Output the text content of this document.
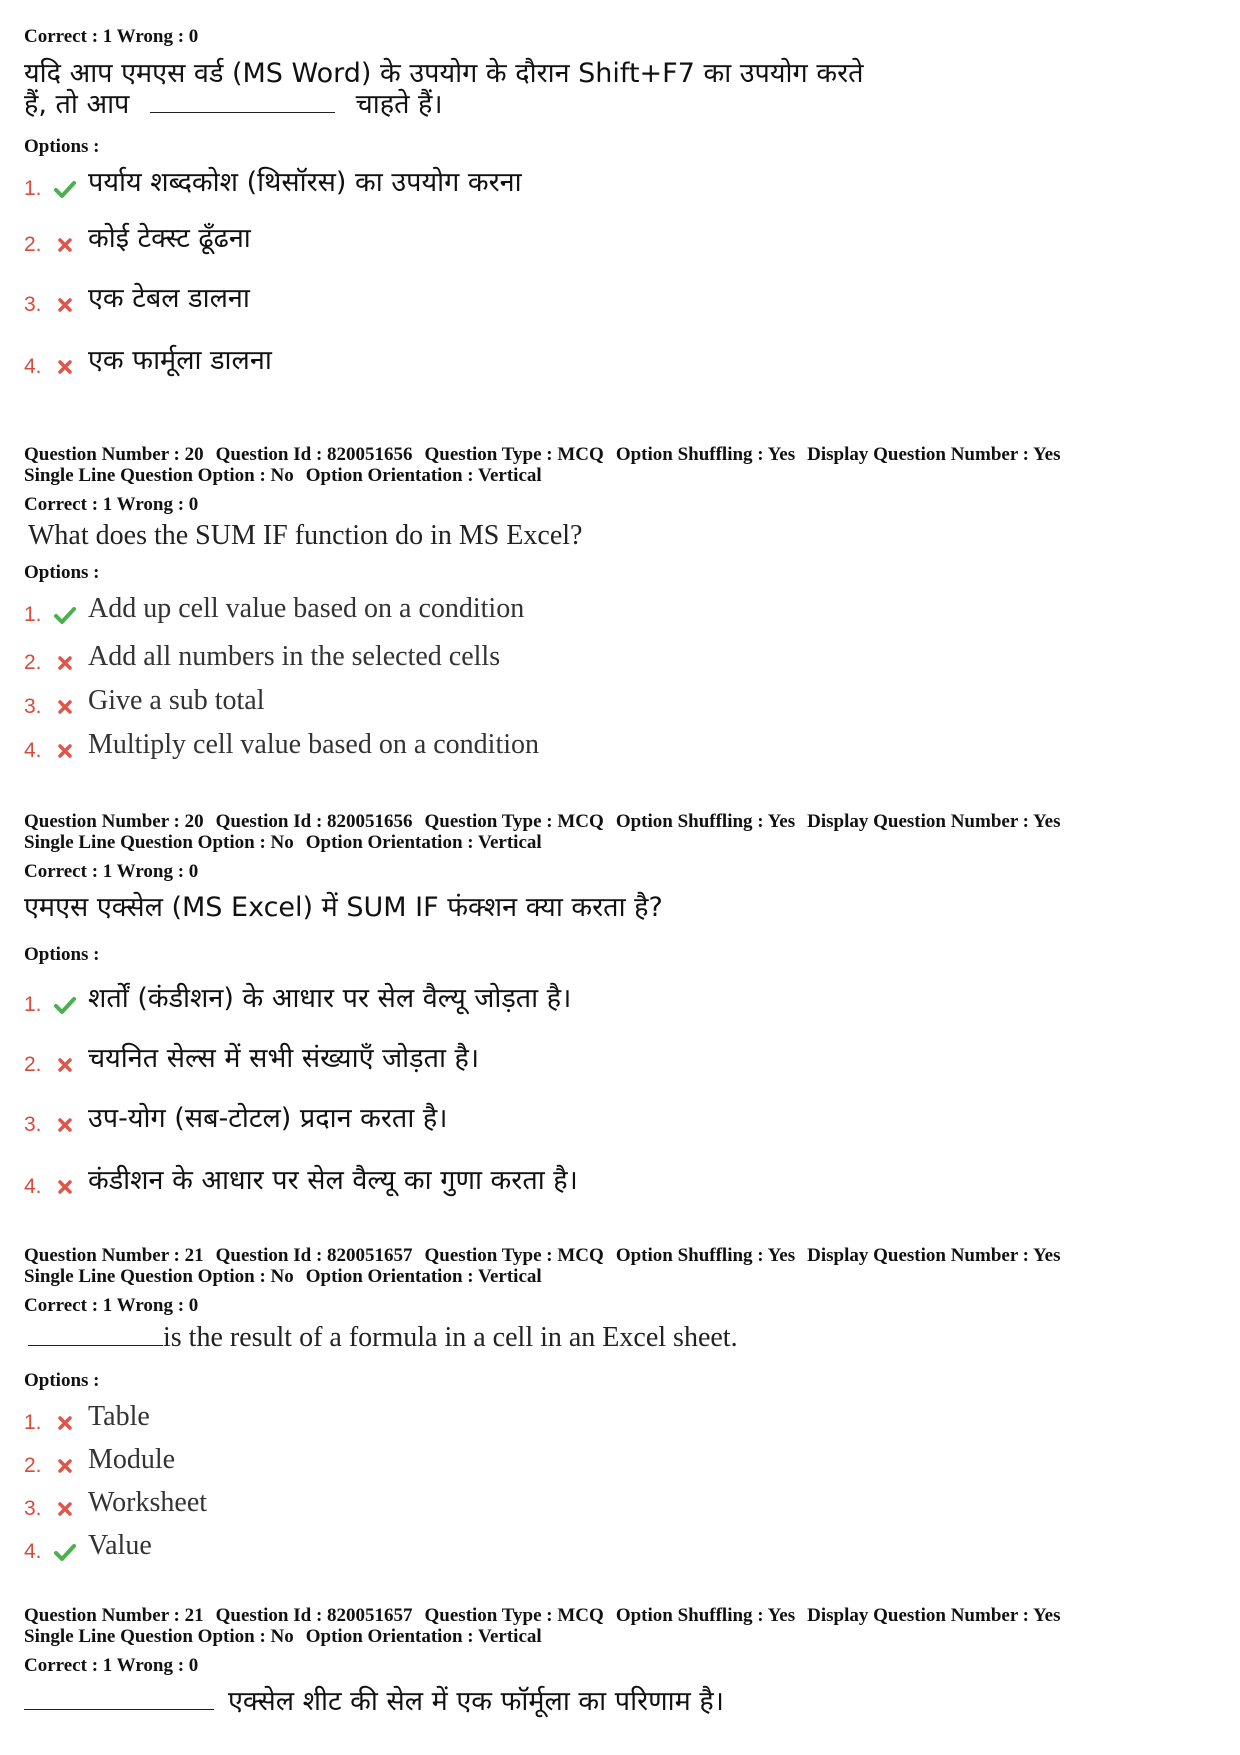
Correct : 1 Wrong : 0
यदि आप एमएस वर्ड (MS Word) के उपयोग के दौरान Shift+F7 का उपयोग करते
हैं, तो आप	चाहते हैं।
Options :
1.	पर्याय शब्दकोश (थिसॉरस) का उपयोग करना
2.	कोई टेक्स्ट ढूँढना
3.	एक टेबल डालना
4.	एक फार्मूला डालना
Question Number : 20 Question Id : 820051656 Question Type : MCQ Option Shuffling : Yes Display Question Number : Yes
Single Line Question Option : No Option Orientation : Vertical
Correct : 1 Wrong : 0
What does the SUM IF function do in MS Excel?
Options :
1.	Add up cell value based on a condition
2.	Add all numbers in the selected cells
3.	Give a sub total
4.	Multiply cell value based on a condition
Question Number : 20 Question Id : 820051656 Question Type : MCQ Option Shuffling : Yes Display Question Number : Yes
Single Line Question Option : No Option Orientation : Vertical
Correct : 1 Wrong : 0
एमएस एक्सेल (MS Excel) में SUM IF फंक्शन क्या करता है?
Options :
1.	शर्तों (कंडीशन) के आधार पर सेल वैल्यू जोड़ता है।
2.	चयनित सेल्स में सभी संख्याएँ जोड़ता है।
3.	उप-योग (सब-टोटल) प्रदान करता है।
4.	कंडीशन के आधार पर सेल वैल्यू का गुणा करता है।
Question Number : 21 Question Id : 820051657 Question Type : MCQ Option Shuffling : Yes Display Question Number : Yes
Single Line Question Option : No Option Orientation : Vertical
Correct : 1 Wrong : 0
is the result of a formula in a cell in an Excel sheet.
Options :
1.	Table
2.	Module
3.	Worksheet
4.	Value
Question Number : 21 Question Id : 820051657 Question Type : MCQ Option Shuffling : Yes Display Question Number : Yes
Single Line Question Option : No Option Orientation : Vertical
Correct : 1 Wrong : 0
एक्सेल शीट की सेल में एक फॉर्मूला का परिणाम है।
